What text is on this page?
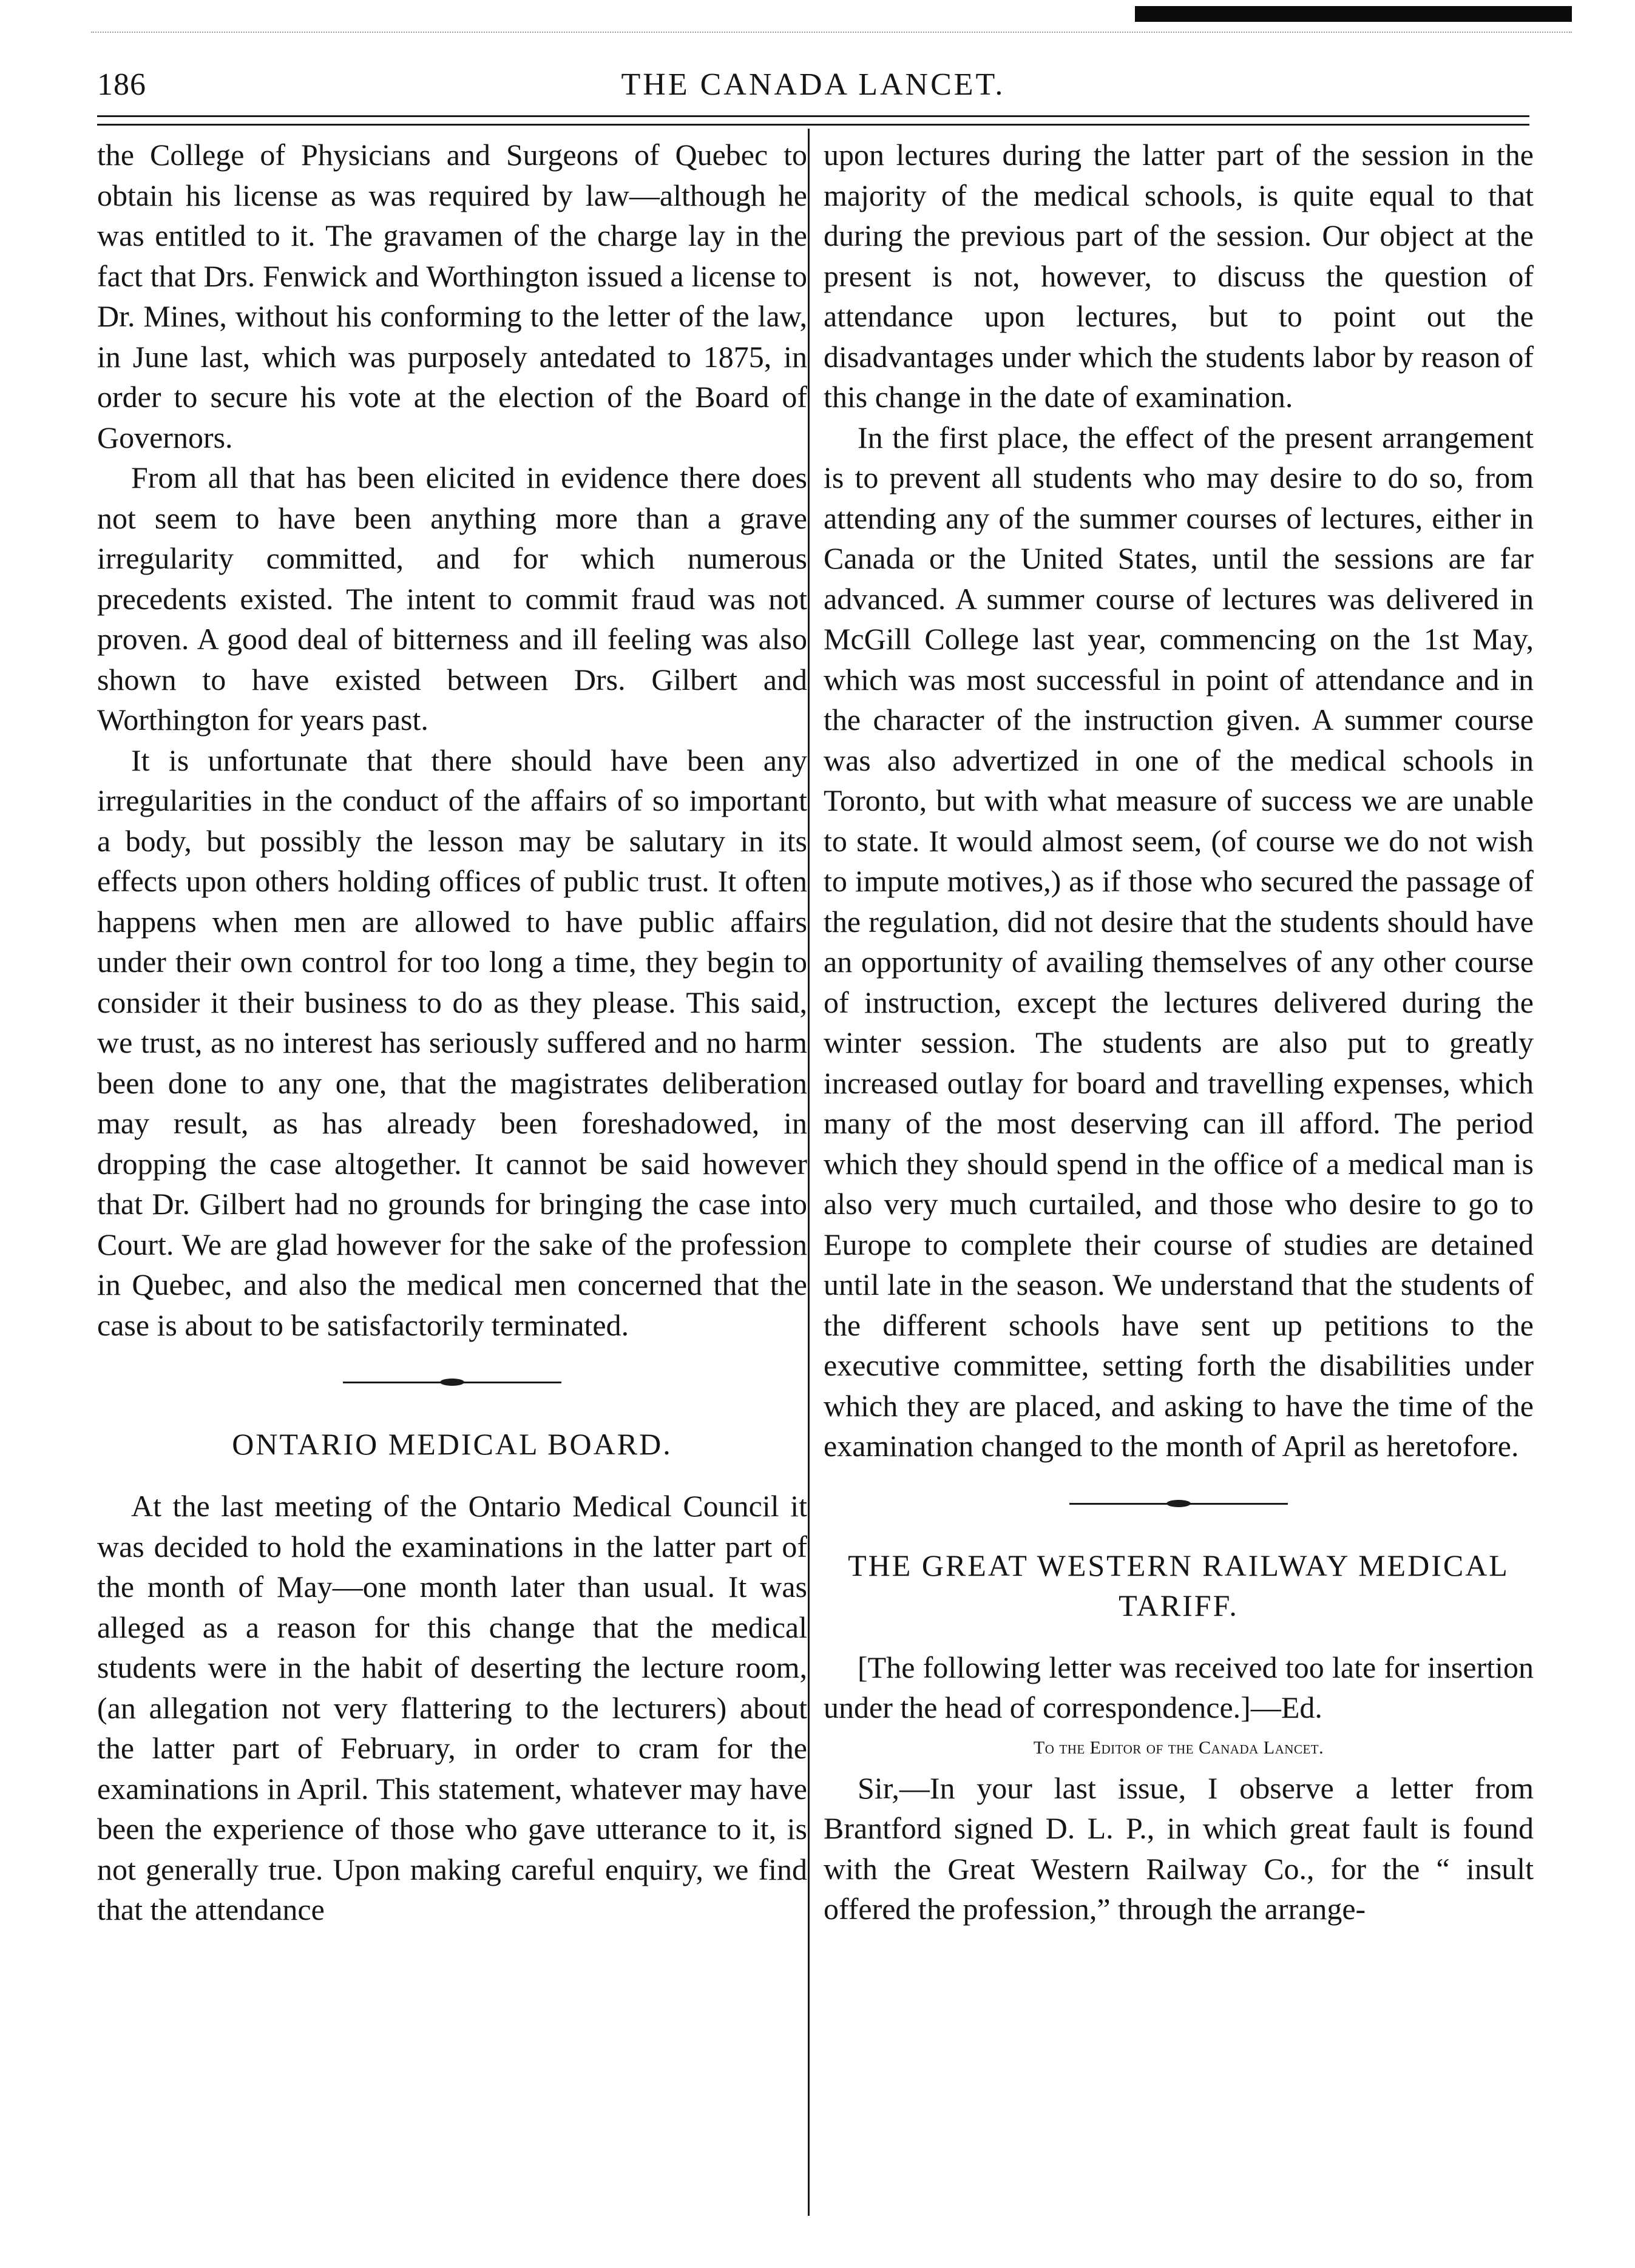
186	THE CANADA LANCET.

the College of Physicians and Surgeons of Quebec to obtain his license as was required by law—although he was entitled to it. The gravamen of the charge lay in the fact that Drs. Fenwick and Worthington issued a license to Dr. Mines, without his conforming to the letter of the law, in June last, which was purposely antedated to 1875, in order to secure his vote at the election of the Board of Governors.

From all that has been elicited in evidence there does not seem to have been anything more than a grave irregularity committed, and for which numerous precedents existed. The intent to commit fraud was not proven. A good deal of bitterness and ill feeling was also shown to have existed between Drs. Gilbert and Worthington for years past.

It is unfortunate that there should have been any irregularities in the conduct of the affairs of so important a body, but possibly the lesson may be salutary in its effects upon others holding offices of public trust. It often happens when men are allowed to have public affairs under their own control for too long a time, they begin to consider it their business to do as they please. This said, we trust, as no interest has seriously suffered and no harm been done to any one, that the magistrates deliberation may result, as has already been foreshadowed, in dropping the case altogether. It cannot be said however that Dr. Gilbert had no grounds for bringing the case into Court. We are glad however for the sake of the profession in Quebec, and also the medical men concerned that the case is about to be satisfactorily terminated.

ONTARIO MEDICAL BOARD.

At the last meeting of the Ontario Medical Council it was decided to hold the examinations in the latter part of the month of May—one month later than usual. It was alleged as a reason for this change that the medical students were in the habit of deserting the lecture room, (an allegation not very flattering to the lecturers) about the latter part of February, in order to cram for the examinations in April. This statement, whatever may have been the experience of those who gave utterance to it, is not generally true. Upon making careful enquiry, we find that the attendance

upon lectures during the latter part of the session in the majority of the medical schools, is quite equal to that during the previous part of the session. Our object at the present is not, however, to discuss the question of attendance upon lectures, but to point out the disadvantages under which the students labor by reason of this change in the date of examination.

In the first place, the effect of the present arrangement is to prevent all students who may desire to do so, from attending any of the summer courses of lectures, either in Canada or the United States, until the sessions are far advanced. A summer course of lectures was delivered in McGill College last year, commencing on the 1st May, which was most successful in point of attendance and in the character of the instruction given. A summer course was also advertized in one of the medical schools in Toronto, but with what measure of success we are unable to state. It would almost seem, (of course we do not wish to impute motives,) as if those who secured the passage of the regulation, did not desire that the students should have an opportunity of availing themselves of any other course of instruction, except the lectures delivered during the winter session. The students are also put to greatly increased outlay for board and travelling expenses, which many of the most deserving can ill afford. The period which they should spend in the office of a medical man is also very much curtailed, and those who desire to go to Europe to complete their course of studies are detained until late in the season. We understand that the students of the different schools have sent up petitions to the executive committee, setting forth the disabilities under which they are placed, and asking to have the time of the examination changed to the month of April as heretofore.

THE GREAT WESTERN RAILWAY MEDICAL TARIFF.

[The following letter was received too late for insertion under the head of correspondence.]—Ed.

To the Editor of the Canada Lancet.

Sir,—In your last issue, I observe a letter from Brantford signed D. L. P., in which great fault is found with the Great Western Railway Co., for the “ insult offered the profession,” through the arrange-
